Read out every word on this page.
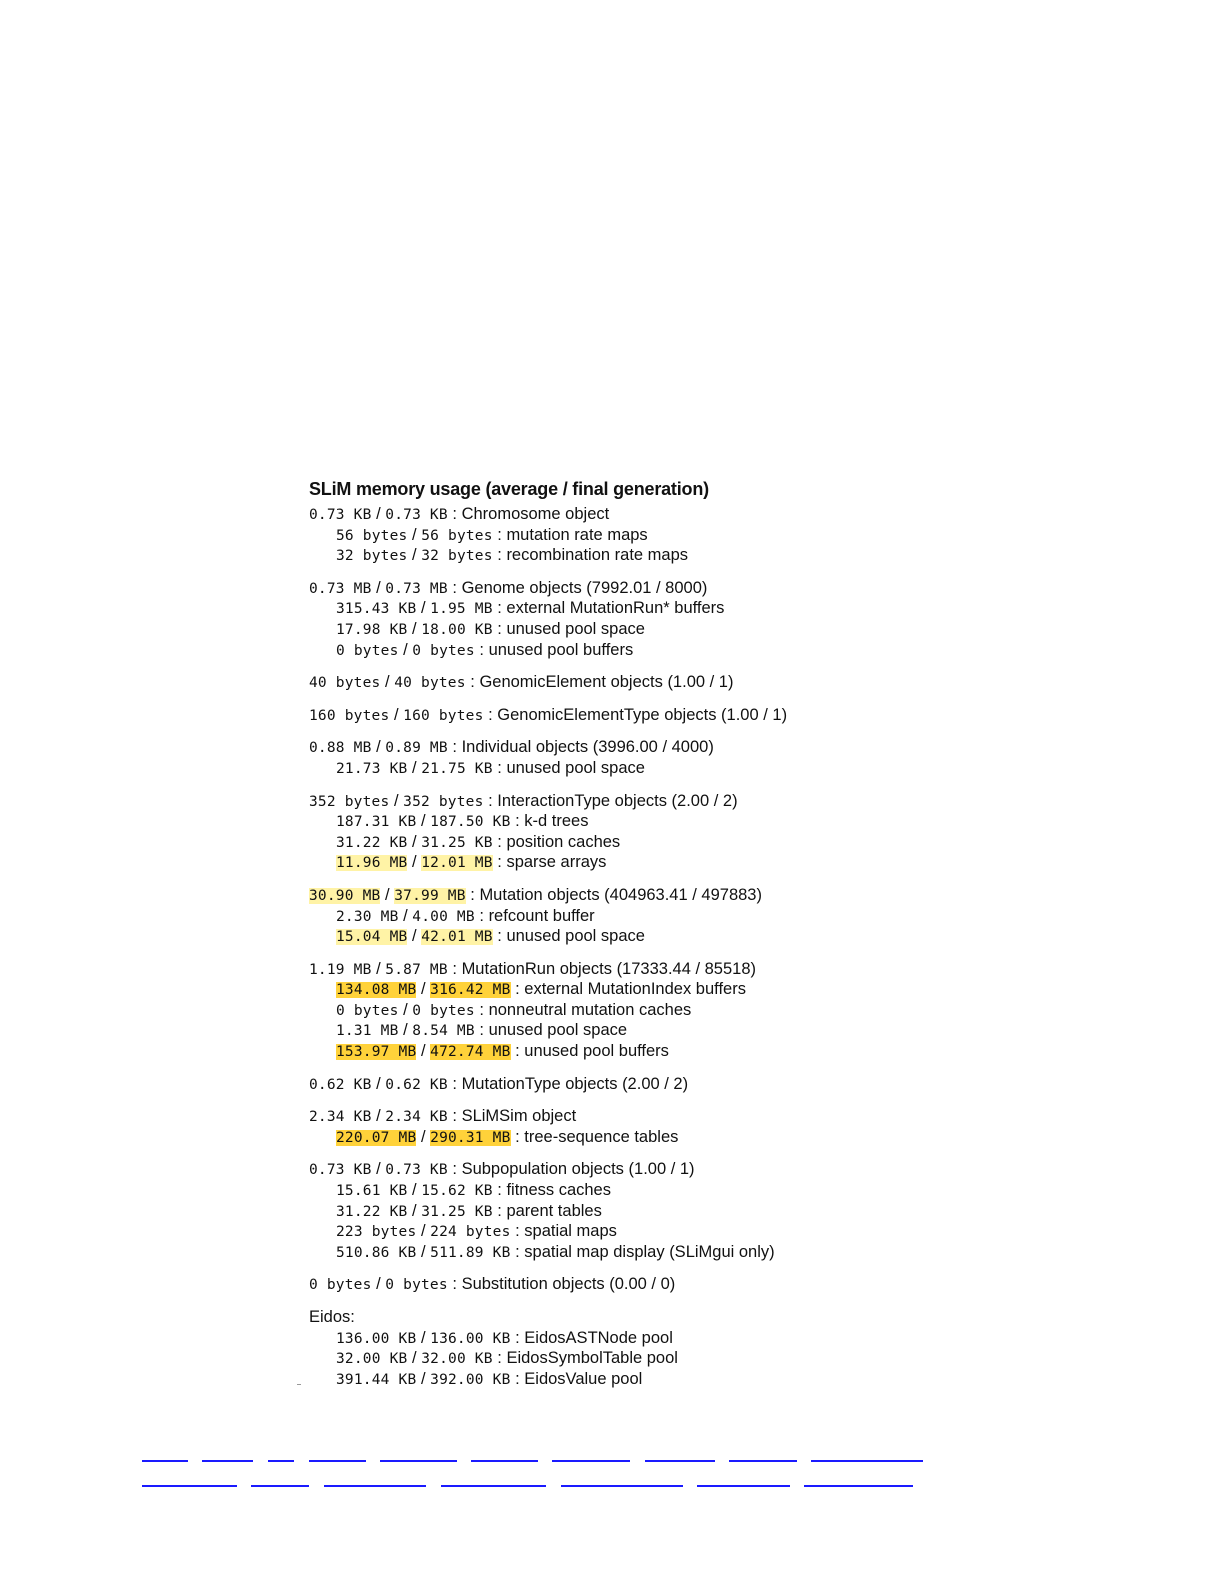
SLiM memory usage (average / final generation)
0.73 KB / 0.73 KB : Chromosome object
56 bytes / 56 bytes : mutation rate maps
32 bytes / 32 bytes : recombination rate maps
0.73 MB / 0.73 MB : Genome objects (7992.01 / 8000)
315.43 KB / 1.95 MB : external MutationRun* buffers
17.98 KB / 18.00 KB : unused pool space
0 bytes / 0 bytes : unused pool buffers
40 bytes / 40 bytes : GenomicElement objects (1.00 / 1)
160 bytes / 160 bytes : GenomicElementType objects (1.00 / 1)
0.88 MB / 0.89 MB : Individual objects (3996.00 / 4000)
21.73 KB / 21.75 KB : unused pool space
352 bytes / 352 bytes : InteractionType objects (2.00 / 2)
187.31 KB / 187.50 KB : k-d trees
31.22 KB / 31.25 KB : position caches
11.96 MB / 12.01 MB : sparse arrays
30.90 MB / 37.99 MB : Mutation objects (404963.41 / 497883)
2.30 MB / 4.00 MB : refcount buffer
15.04 MB / 42.01 MB : unused pool space
1.19 MB / 5.87 MB : MutationRun objects (17333.44 / 85518)
134.08 MB / 316.42 MB : external MutationIndex buffers
0 bytes / 0 bytes : nonneutral mutation caches
1.31 MB / 8.54 MB : unused pool space
153.97 MB / 472.74 MB : unused pool buffers
0.62 KB / 0.62 KB : MutationType objects (2.00 / 2)
2.34 KB / 2.34 KB : SLiMSim object
220.07 MB / 290.31 MB : tree-sequence tables
0.73 KB / 0.73 KB : Subpopulation objects (1.00 / 1)
15.61 KB / 15.62 KB : fitness caches
31.22 KB / 31.25 KB : parent tables
223 bytes / 224 bytes : spatial maps
510.86 KB / 511.89 KB : spatial map display (SLiMgui only)
0 bytes / 0 bytes : Substitution objects (0.00 / 0)
Eidos:
136.00 KB / 136.00 KB : EidosASTNode pool
32.00 KB / 32.00 KB : EidosSymbolTable pool
391.44 KB / 392.00 KB : EidosValue pool
